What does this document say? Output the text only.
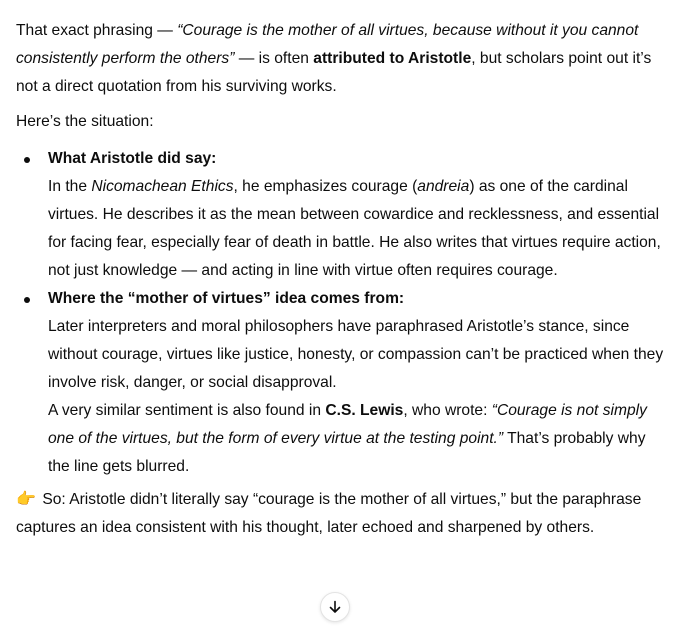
That exact phrasing — “Courage is the mother of all virtues, because without it you cannot consistently perform the others” — is often attributed to Aristotle, but scholars point out it’s not a direct quotation from his surviving works.

Here’s the situation:

What Aristotle did say:
In the Nicomachean Ethics, he emphasizes courage (andreia) as one of the cardinal virtues. He describes it as the mean between cowardice and recklessness, and essential for facing fear, especially fear of death in battle. He also writes that virtues require action, not just knowledge — and acting in line with virtue often requires courage.
Where the “mother of virtues” idea comes from:
Later interpreters and moral philosophers have paraphrased Aristotle’s stance, since without courage, virtues like justice, honesty, or compassion can’t be practiced when they involve risk, danger, or social disapproval.
A very similar sentiment is also found in C.S. Lewis, who wrote: “Courage is not simply one of the virtues, but the form of every virtue at the testing point.” That’s probably why the line gets blurred.

👉 So: Aristotle didn’t literally say “courage is the mother of all virtues,” but the paraphrase captures an idea consistent with his thought, later echoed and sharpened by others.
